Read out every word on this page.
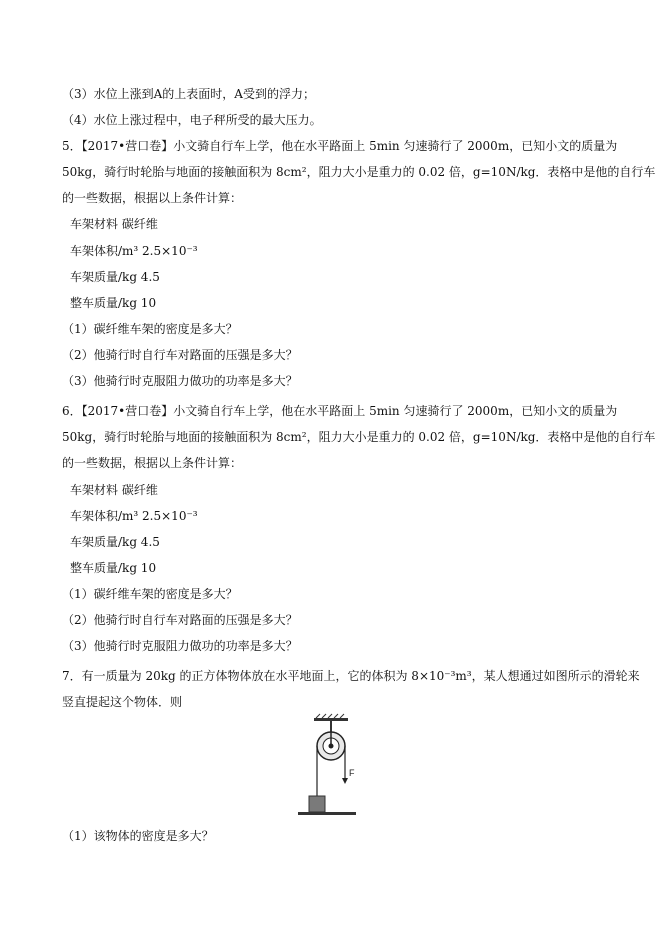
（3）水位上涨到A的上表面时，A受到的浮力；
（4）水位上涨过程中，电子秤所受的最大压力。
5．【2017•营口卷】小文骑自行车上学，他在水平路面上 5min 匀速骑行了 2000m，已知小文的质量为
50kg，骑行时轮胎与地面的接触面积为 8cm²，阻力大小是重力的 0.02 倍，g=10N/kg．表格中是他的自行车
的一些数据，根据以上条件计算：
车架材料 碳纤维
车架体积/m³ 2.5×10⁻³
车架质量/kg 4.5
整车质量/kg 10
（1）碳纤维车架的密度是多大？
（2）他骑行时自行车对路面的压强是多大？
（3）他骑行时克服阻力做功的功率是多大？
6．【2017•营口卷】小文骑自行车上学，他在水平路面上 5min 匀速骑行了 2000m，已知小文的质量为
50kg，骑行时轮胎与地面的接触面积为 8cm²，阻力大小是重力的 0.02 倍，g=10N/kg．表格中是他的自行车
的一些数据，根据以上条件计算：
车架材料 碳纤维
车架体积/m³ 2.5×10⁻³
车架质量/kg 4.5
整车质量/kg 10
（1）碳纤维车架的密度是多大？
（2）他骑行时自行车对路面的压强是多大？
（3）他骑行时克服阻力做功的功率是多大？
7．有一质量为 20kg 的正方体物体放在水平地面上，它的体积为 8×10⁻³m³，某人想通过如图所示的滑轮来
竖直提起这个物体．则
F
（1）该物体的密度是多大？
